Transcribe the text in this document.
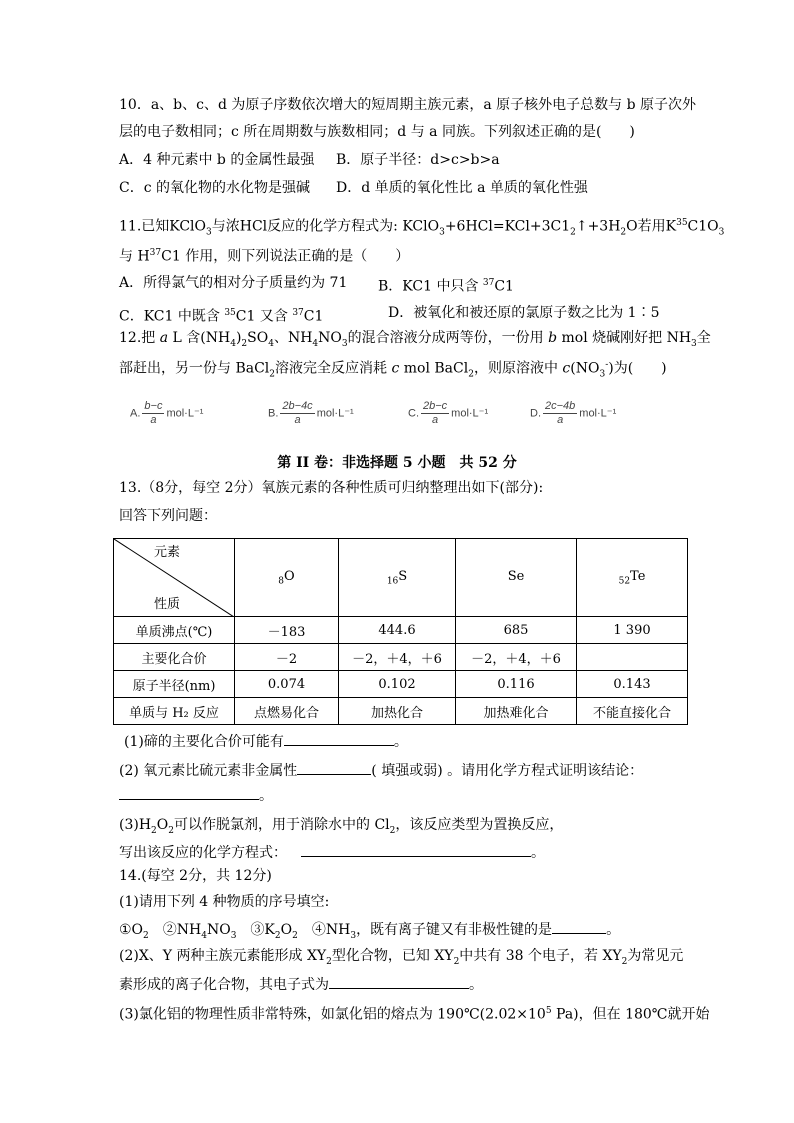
10．a、b、c、d 为原子序数依次增大的短周期主族元素，a 原子核外电子总数与 b 原子次外
层的电子数相同；c 所在周期数与族数相同；d 与 a 同族。下列叙述正确的是(　　)
A．4 种元素中 b 的金属性最强 B．原子半径：d>c>b>a
C．c 的氧化物的水化物是强碱 D．d 单质的氧化性比 a 单质的氧化性强
11.已知KClO$_3$与浓HCl反应的化学方程式为: $KClO_3+6HCl=KCl+3C1_2↑+3H_2O$若用$K^{35}C1O_3$
与 $H^{37}C1$ 作用，则下列说法正确的是（　　）
A．所得氯气的相对分子质量约为 71 B．KC1 中只含 $^{37}$C1
C．KC1 中既含 $^{35}$C1 又含 $^{37}$C1	D．被氧化和被还原的氯原子数之比为 1∶5
12.把 a L 含$(NH_4)_2SO_4$、$NH_4NO_3$的混合溶液分成两等份，一份用 b mol 烧碱刚好把 $NH_3$全
部赶出，另一份与 BaCl$_2$溶液完全反应消耗 c mol BaCl$_2$，则原溶液中 $c(NO_3^-)$为(　　)
A. $\frac{b-c}{a} mol\cdot L^{-1}$	B. $\frac{2b-4c}{a} mol\cdot L^{-1}$	C. $\frac{2b-c}{a} mol\cdot L^{-1}$	D. $\frac{2c-4b}{a} mol\cdot L^{-1}$
第 II 卷：非选择题 5 小题　共 52 分
13.（8分，每空 2分）氧族元素的各种性质可归纳整理出如下(部分):
回答下列问题：
元素
性质	$_8$O	$_{16}$S	Se	$_{52}$Te
单质沸点(℃)	－183	444.6	685	1 390
主要化合价	－2	－2，＋4，＋6	－2，＋4，＋6	
原子半径(nm)	0.074	0.102	0.116	0.143
单质与 H₂ 反应	点燃易化合	加热化合	加热难化合	不能直接化合
(1)碲的主要化合价可能有	。
(2) 氧元素比硫元素非金属性	( 填强或弱) 。请用化学方程式证明该结论：
。
$(3)H_2O_2$可以作脱氯剂，用于消除水中的 $Cl_2$，该反应类型为置换反应，
写出该反应的化学方程式：	。
14.(每空 2分，共 12分)
(1)请用下列 4 种物质的序号填空:
$①O_2$　$②NH_4NO_3$　$③K_2O_2$　$④NH_3$，既有离子键又有非极性键的是	。
(2)X、Y 两种主族元素能形成 $XY_2$型化合物，已知 $XY_2$中共有 38 个电子，若 $XY_2$为常见元
素形成的离子化合物，其电子式为	。
(3)氯化铝的物理性质非常特殊，如氯化铝的熔点为 $190℃(2.02\times 10^5$ Pa)，但在 180℃就开始
